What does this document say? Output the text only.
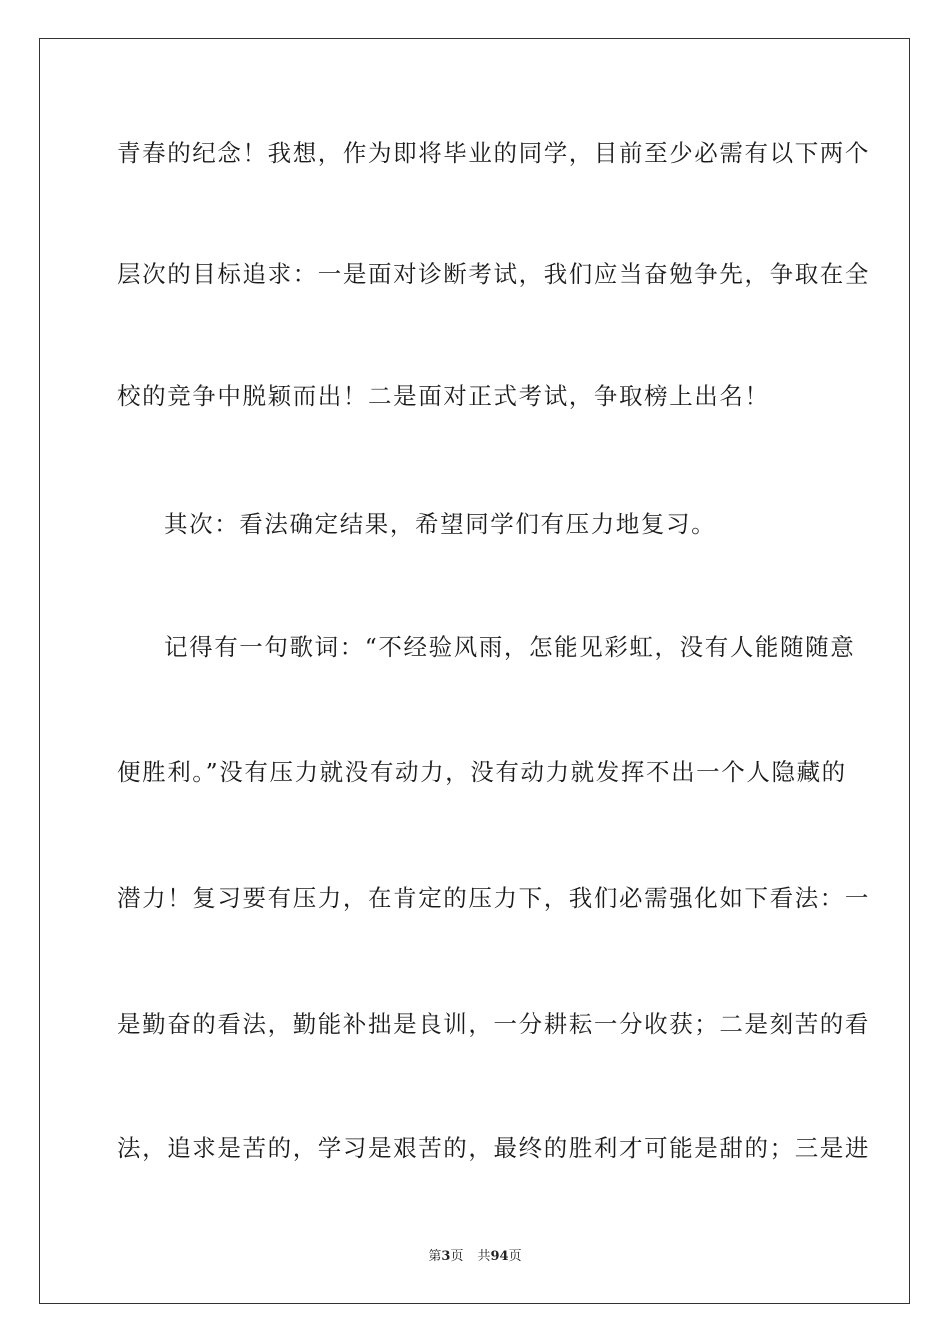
青春的纪念！我想，作为即将毕业的同学，目前至少必需有以下两个
层次的目标追求：一是面对诊断考试，我们应当奋勉争先，争取在全
校的竞争中脱颖而出！二是面对正式考试，争取榜上出名！
其次：看法确定结果，希望同学们有压力地复习。
记得有一句歌词：“不经验风雨，怎能见彩虹，没有人能随随意
便胜利。”没有压力就没有动力，没有动力就发挥不出一个人隐藏的
潜力！复习要有压力，在肯定的压力下，我们必需强化如下看法：一
是勤奋的看法，勤能补拙是良训，一分耕耘一分收获；二是刻苦的看
法，追求是苦的，学习是艰苦的，最终的胜利才可能是甜的；三是进
第3页 共94页
